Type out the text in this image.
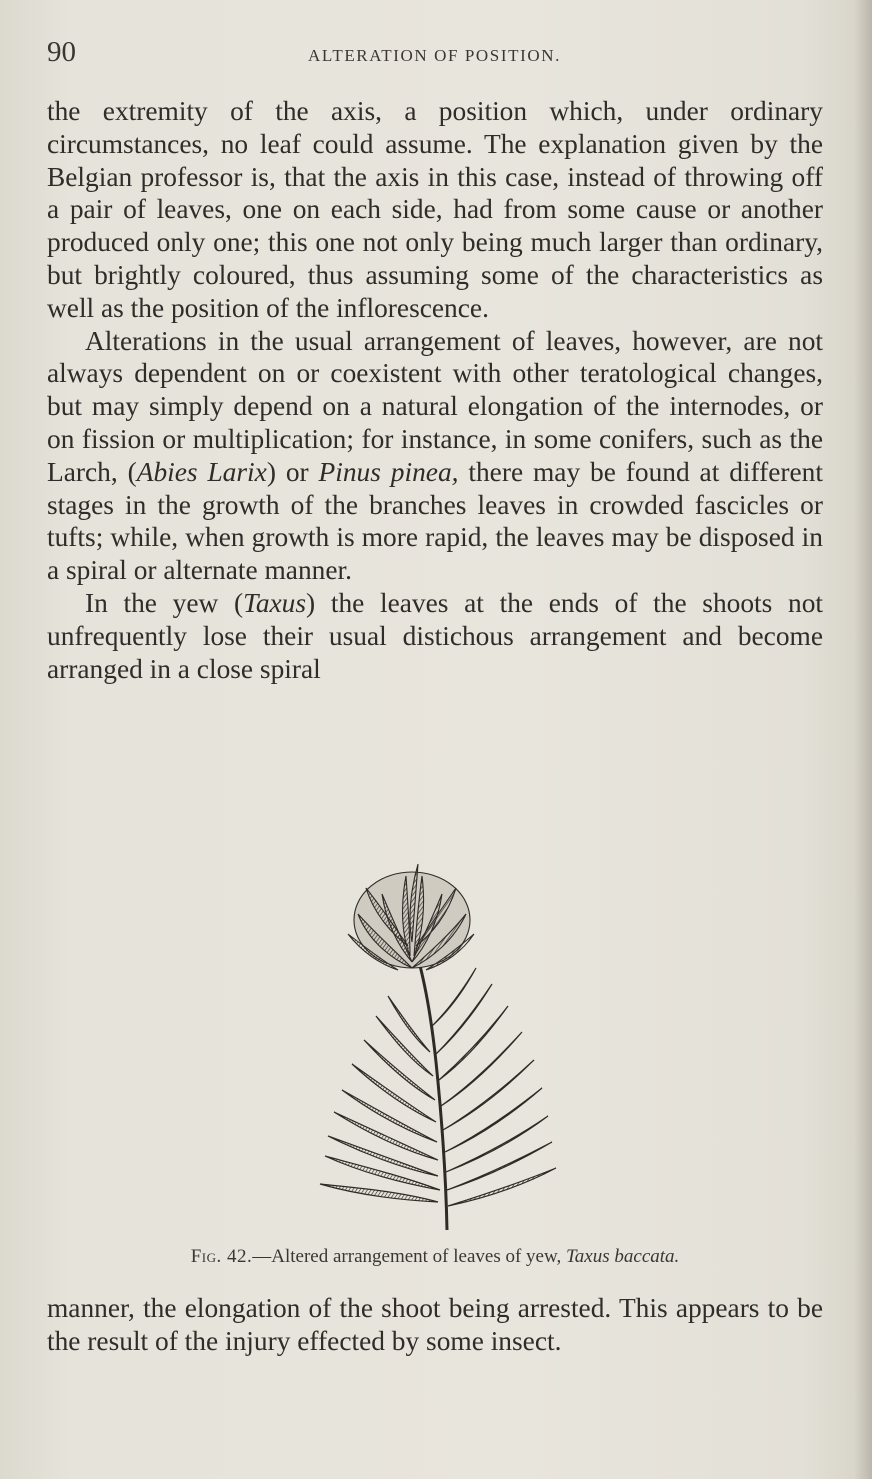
90	ALTERATION OF POSITION.

the extremity of the axis, a position which, under ordinary circumstances, no leaf could assume. The explanation given by the Belgian professor is, that the axis in this case, instead of throwing off a pair of leaves, one on each side, had from some cause or another produced only one; this one not only being much larger than ordinary, but brightly coloured, thus assuming some of the characteristics as well as the position of the inflorescence.

Alterations in the usual arrangement of leaves, however, are not always dependent on or coexistent with other teratological changes, but may simply depend on a natural elongation of the internodes, or on fission or multiplication; for instance, in some conifers, such as the Larch, (Abies Larix) or Pinus pinea, there may be found at different stages in the growth of the branches leaves in crowded fascicles or tufts; while, when growth is more rapid, the leaves may be disposed in a spiral or alternate manner.

In the yew (Taxus) the leaves at the ends of the shoots not unfrequently lose their usual distichous arrangement and become arranged in a close spiral

Fig. 42.—Altered arrangement of leaves of yew, Taxus baccata.

manner, the elongation of the shoot being arrested. This appears to be the result of the injury effected by some insect.
